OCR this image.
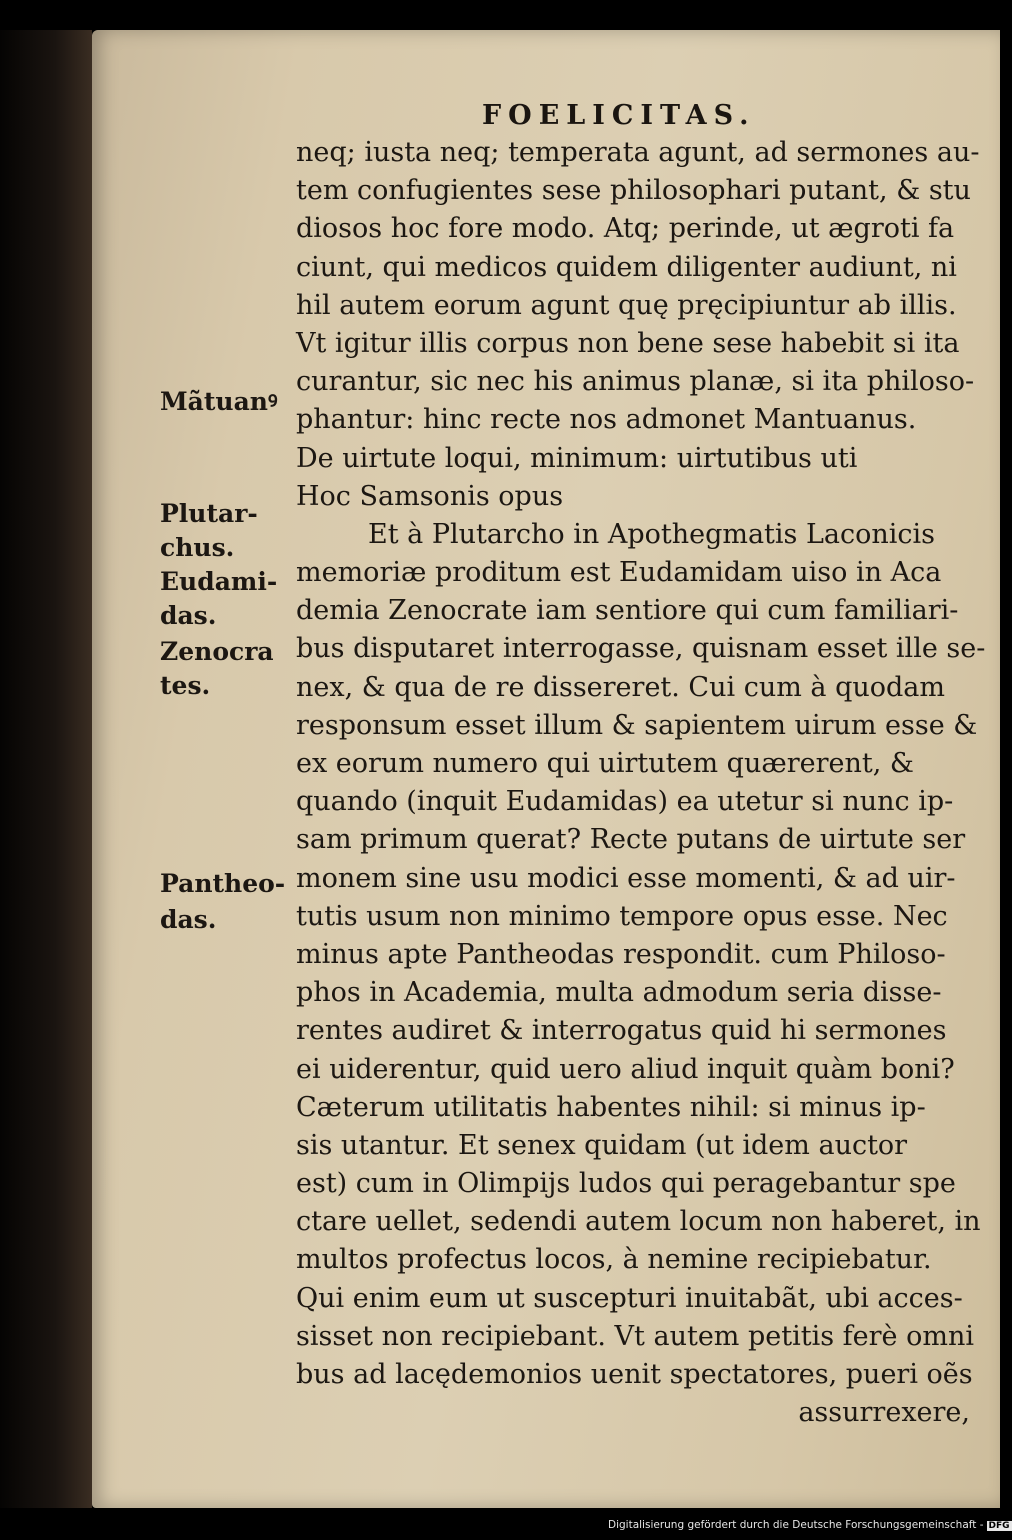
FOELICITAS.
neq; iusta neq; temperata agunt, ad sermones au-
tem confugientes sese philosophari putant, & stu
diosos hoc fore modo. Atq; perinde, ut ægroti fa
ciunt, qui medicos quidem diligenter audiunt, ni
hil autem eorum agunt quę pręcipiuntur ab illis.
Vt igitur illis corpus non bene sese habebit si ita
curantur, sic nec his animus planæ, si ita philoso-
phantur: hinc recte nos admonet Mantuanus.
De uirtute loqui, minimum: uirtutibus uti
Hoc Samsonis opus
Et à Plutarcho in Apothegmatis Laconicis
memoriæ proditum est Eudamidam uiso in Aca
demia Zenocrate iam sentiore qui cum familiari-
bus disputaret interrogasse, quisnam esset ille se-
nex, & qua de re dissereret. Cui cum à quodam
responsum esset illum & sapientem uirum esse &
ex eorum numero qui uirtutem quærerent, &
quando (inquit Eudamidas) ea utetur si nunc ip-
sam primum querat? Recte putans de uirtute ser
monem sine usu modici esse momenti, & ad uir-
tutis usum non minimo tempore opus esse. Nec
minus apte Pantheodas respondit. cum Philoso-
phos in Academia, multa admodum seria disse-
rentes audiret & interrogatus quid hi sermones
ei uiderentur, quid uero aliud inquit quàm boni?
Cæterum utilitatis habentes nihil: si minus ip-
sis utantur. Et senex quidam (ut idem auctor
est) cum in Olimpijs ludos qui peragebantur spe
ctare uellet, sedendi autem locum non haberet, in
multos profectus locos, à nemine recipiebatur.
Qui enim eum ut suscepturi inuitabãt, ubi acces-
sisset non recipiebant. Vt autem petitis ferè omni
bus ad lacędemonios uenit spectatores, pueri oẽs
assurrexere,
Mãtuanꝰ
Plutar-
chus.
Eudami-
das.
Zenocra
tes.
Pantheo-
das.
Digitalisierung gefördert durch die Deutsche Forschungsgemeinschaft - DFG
